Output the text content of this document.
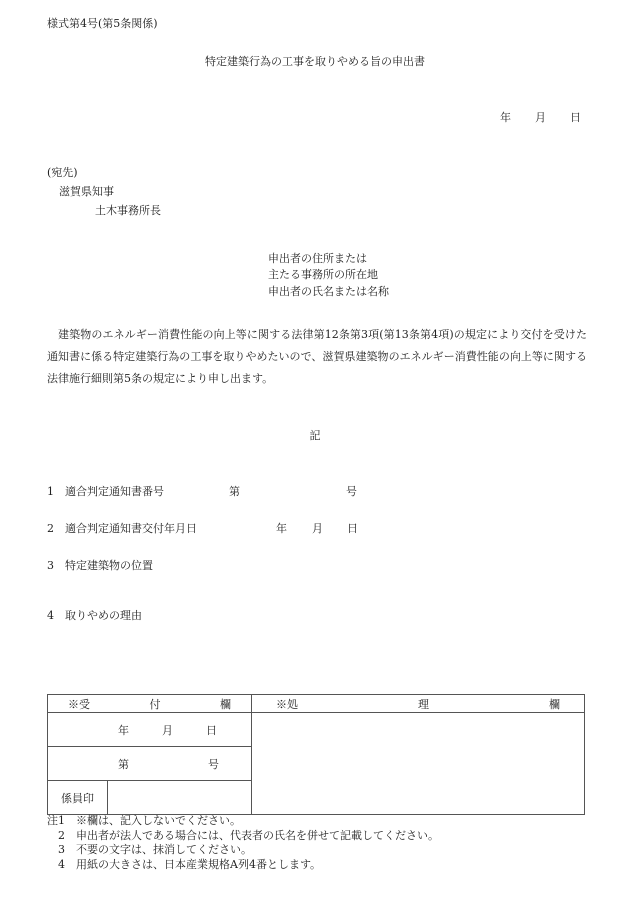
様式第4号(第5条関係)
特定建築行為の工事を取りやめる旨の申出書
年 月 日
(宛先)
滋賀県知事
土木事務所長
申出者の住所または
主たる事務所の所在地
申出者の氏名または名称
建築物のエネルギー消費性能の向上等に関する法律第12条第3項(第13条第4項)の規定により交付を受けた通知書に係る特定建築行為の工事を取りやめたいので、滋賀県建築物のエネルギー消費性能の向上等に関する法律施行細則第5条の規定により申し出ます。
記
1　適合判定通知書番号	第	号
2　適合判定通知書交付年月日	年 月 日
3　特定建築物の位置
4　取りやめの理由
※受 付 欄		※処 理 欄

年 月 日		

第 号		

係員印		
注1　※欄は、記入しないでください。
2　申出者が法人である場合には、代表者の氏名を併せて記載してください。
3　不要の文字は、抹消してください。
4　用紙の大きさは、日本産業規格A列4番とします。
